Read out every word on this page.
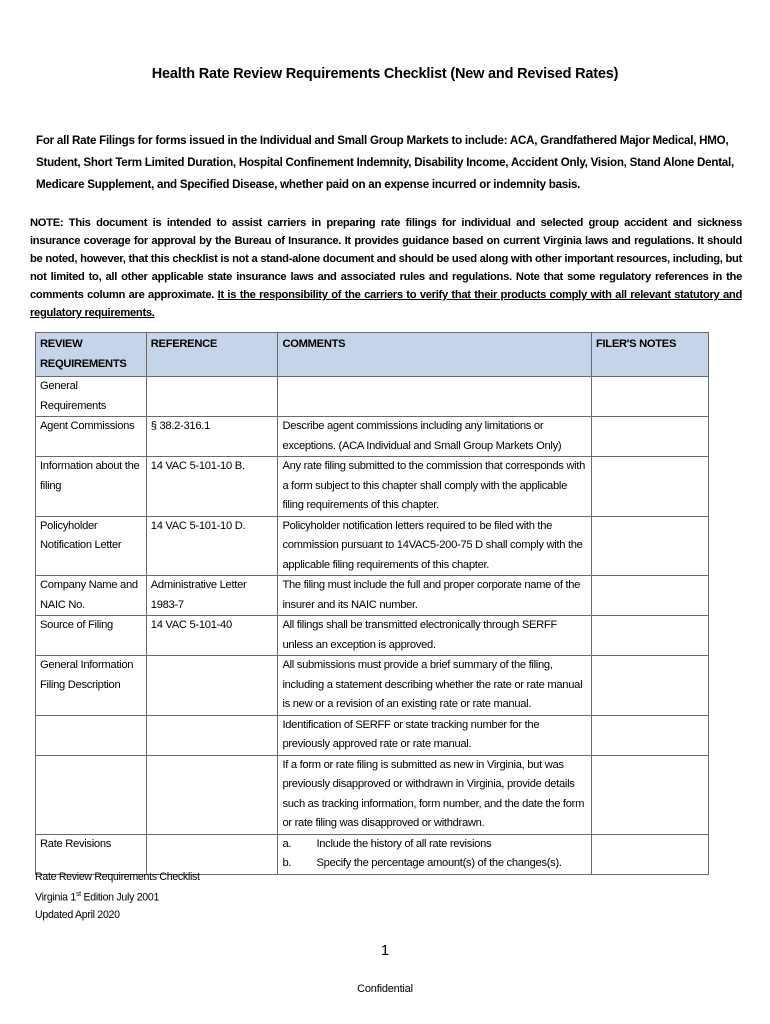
Health Rate Review Requirements Checklist (New and Revised Rates)
For all Rate Filings for forms issued in the Individual and Small Group Markets to include: ACA, Grandfathered Major Medical, HMO, Student, Short Term Limited Duration, Hospital Confinement Indemnity, Disability Income, Accident Only, Vision, Stand Alone Dental, Medicare Supplement, and Specified Disease, whether paid on an expense incurred or indemnity basis.
NOTE: This document is intended to assist carriers in preparing rate filings for individual and selected group accident and sickness insurance coverage for approval by the Bureau of Insurance. It provides guidance based on current Virginia laws and regulations. It should be noted, however, that this checklist is not a stand-alone document and should be used along with other important resources, including, but not limited to, all other applicable state insurance laws and associated rules and regulations. Note that some regulatory references in the comments column are approximate. It is the responsibility of the carriers to verify that their products comply with all relevant statutory and regulatory requirements.
REVIEW REQUIREMENTS	REFERENCE	COMMENTS	FILER'S NOTES
General Requirements			
Agent Commissions	§ 38.2-316.1	Describe agent commissions including any limitations or exceptions. (ACA Individual and Small Group Markets Only)	
Information about the filing	14 VAC 5-101-10 B.	Any rate filing submitted to the commission that corresponds with a form subject to this chapter shall comply with the applicable filing requirements of this chapter.	
Policyholder Notification Letter	14 VAC 5-101-10 D.	Policyholder notification letters required to be filed with the commission pursuant to 14VAC5-200-75 D shall comply with the applicable filing requirements of this chapter.	
Company Name and NAIC No.	Administrative Letter 1983-7	The filing must include the full and proper corporate name of the insurer and its NAIC number.	
Source of Filing	14 VAC 5-101-40	All filings shall be transmitted electronically through SERFF unless an exception is approved.	
General Information Filing Description		All submissions must provide a brief summary of the filing, including a statement describing whether the rate or rate manual is new or a revision of an existing rate or rate manual.	
		Identification of SERFF or state tracking number for the previously approved rate or rate manual.	
		If a form or rate filing is submitted as new in Virginia, but was previously disapproved or withdrawn in Virginia, provide details such as tracking information, form number, and the date the form or rate filing was disapproved or withdrawn.	
Rate Revisions		a. Include the history of all rate revisions
b. Specify the percentage amount(s) of the changes(s).	

Rate Review Requirements Checklist
Virginia 1st Edition July 2001
Updated April 2020
1
Confidential
